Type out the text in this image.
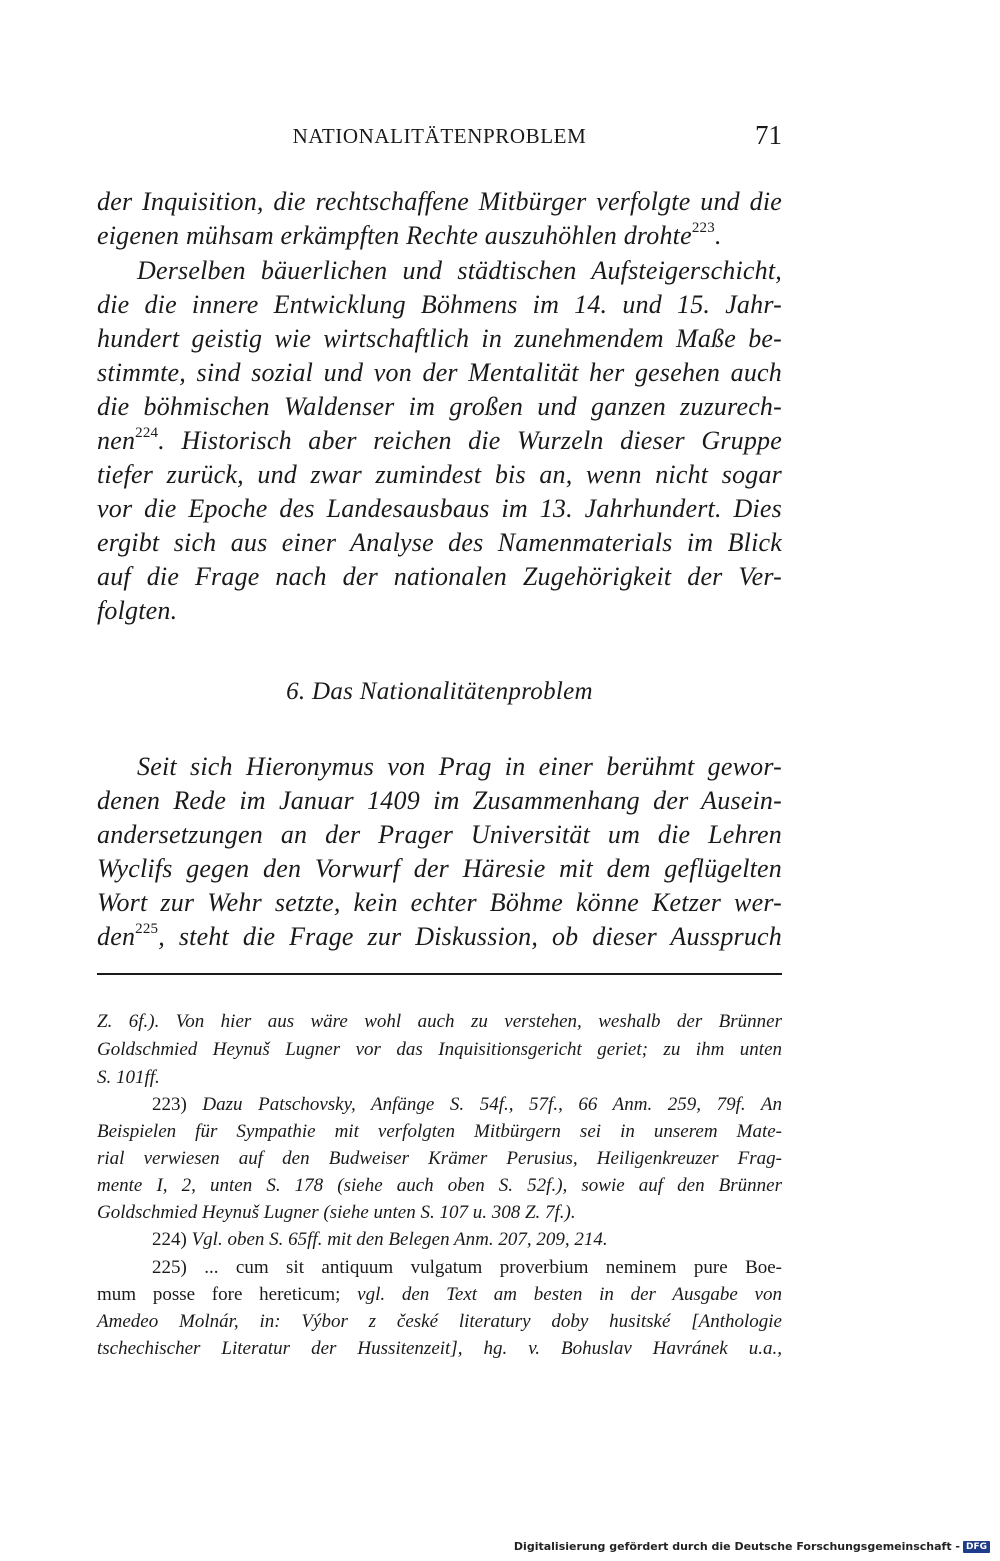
NATIONALITÄTENPROBLEM	71
der Inquisition, die rechtschaffene Mitbürger verfolgte und die
eigenen mühsam erkämpften Rechte auszuhöhlen drohte$^{223}$.
Derselben bäuerlichen und städtischen Aufsteigerschicht,
die die innere Entwicklung Böhmens im 14. und 15. Jahr-
hundert geistig wie wirtschaftlich in zunehmendem Maße be-
stimmte, sind sozial und von der Mentalität her gesehen auch
die böhmischen Waldenser im großen und ganzen zuzurech-
nen$^{224}$. Historisch aber reichen die Wurzeln dieser Gruppe
tiefer zurück, und zwar zumindest bis an, wenn nicht sogar
vor die Epoche des Landesausbaus im 13. Jahrhundert. Dies
ergibt sich aus einer Analyse des Namenmaterials im Blick
auf die Frage nach der nationalen Zugehörigkeit der Ver-
folgten.
6. Das Nationalitätenproblem
Seit sich Hieronymus von Prag in einer berühmt gewor-
denen Rede im Januar 1409 im Zusammenhang der Ausein-
andersetzungen an der Prager Universität um die Lehren
Wyclifs gegen den Vorwurf der Häresie mit dem geflügelten
Wort zur Wehr setzte, kein echter Böhme könne Ketzer wer-
den$^{225}$, steht die Frage zur Diskussion, ob dieser Ausspruch
Z. 6f.). Von hier aus wäre wohl auch zu verstehen, weshalb der Brünner
Goldschmied Heynuš Lugner vor das Inquisitionsgericht geriet; zu ihm unten
S. 101ff.
223) Dazu Patschovsky, Anfänge S. 54f., 57f., 66 Anm. 259, 79f. An
Beispielen für Sympathie mit verfolgten Mitbürgern sei in unserem Mate-
rial verwiesen auf den Budweiser Krämer Perusius, Heiligenkreuzer Frag-
mente I, 2, unten S. 178 (siehe auch oben S. 52f.), sowie auf den Brünner
Goldschmied Heynuš Lugner (siehe unten S. 107 u. 308 Z. 7f.).
224) Vgl. oben S. 65ff. mit den Belegen Anm. 207, 209, 214.
225) ... cum sit antiquum vulgatum proverbium neminem pure Boe-
mum posse fore hereticum; vgl. den Text am besten in der Ausgabe von
Amedeo Molnár, in: Výbor z české literatury doby husitské [Anthologie
tschechischer Literatur der Hussitenzeit], hg. v. Bohuslav Havránek u.a.,
Digitalisierung gefördert durch die Deutsche Forschungsgemeinschaft - DFG
